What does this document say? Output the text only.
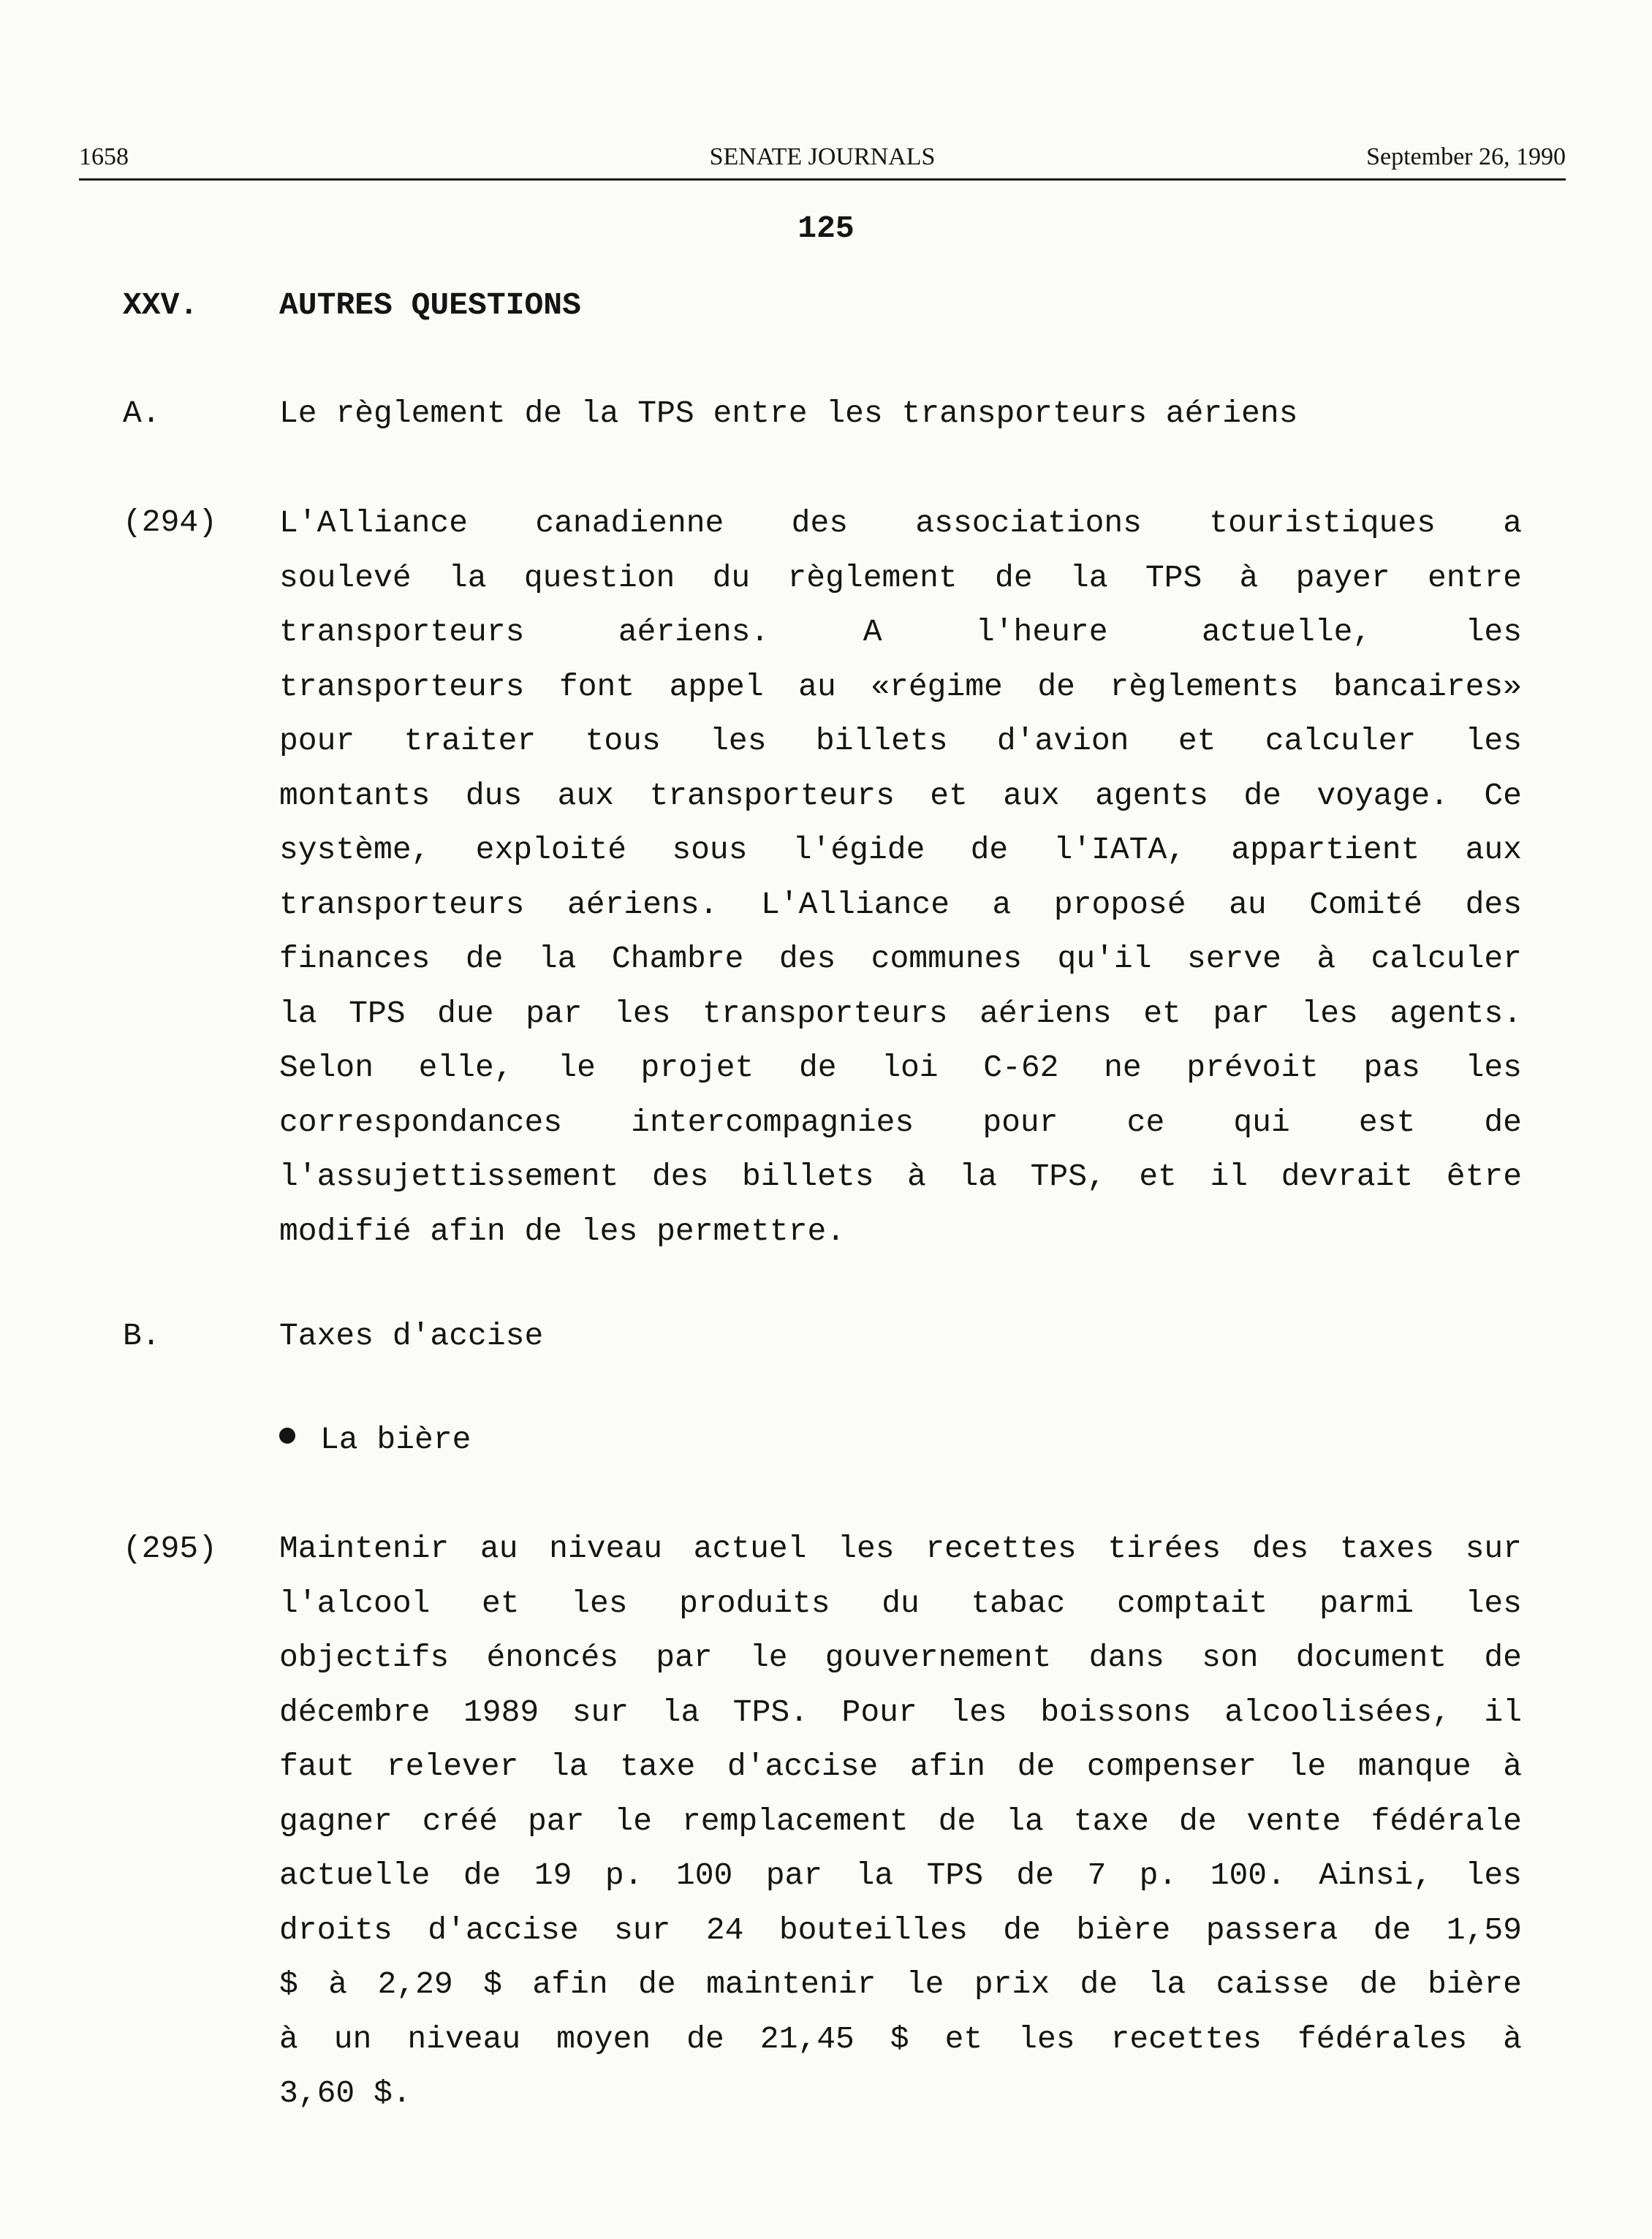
1658	SENATE JOURNALS	September 26, 1990
125
XXV.	AUTRES QUESTIONS
A.	Le règlement de la TPS entre les transporteurs aériens
(294) L'Alliance canadienne des associations touristiques a
soulevé la question du règlement de la TPS à payer entre
transporteurs aériens. A l'heure actuelle, les
transporteurs font appel au «régime de règlements bancaires»
pour traiter tous les billets d'avion et calculer les
montants dus aux transporteurs et aux agents de voyage. Ce
système, exploité sous l'égide de l'IATA, appartient aux
transporteurs aériens. L'Alliance a proposé au Comité des
finances de la Chambre des communes qu'il serve à calculer
la TPS due par les transporteurs aériens et par les agents.
Selon elle, le projet de loi C-62 ne prévoit pas les
correspondances intercompagnies pour ce qui est de
l'assujettissement des billets à la TPS, et il devrait être
modifié afin de les permettre.
B.	Taxes d'accise
La bière
(295) Maintenir au niveau actuel les recettes tirées des taxes sur
l'alcool et les produits du tabac comptait parmi les
objectifs énoncés par le gouvernement dans son document de
décembre 1989 sur la TPS. Pour les boissons alcoolisées, il
faut relever la taxe d'accise afin de compenser le manque à
gagner créé par le remplacement de la taxe de vente fédérale
actuelle de 19 p. 100 par la TPS de 7 p. 100. Ainsi, les
droits d'accise sur 24 bouteilles de bière passera de 1,59
$ à 2,29 $ afin de maintenir le prix de la caisse de bière
à un niveau moyen de 21,45 $ et les recettes fédérales à
3,60 $.
